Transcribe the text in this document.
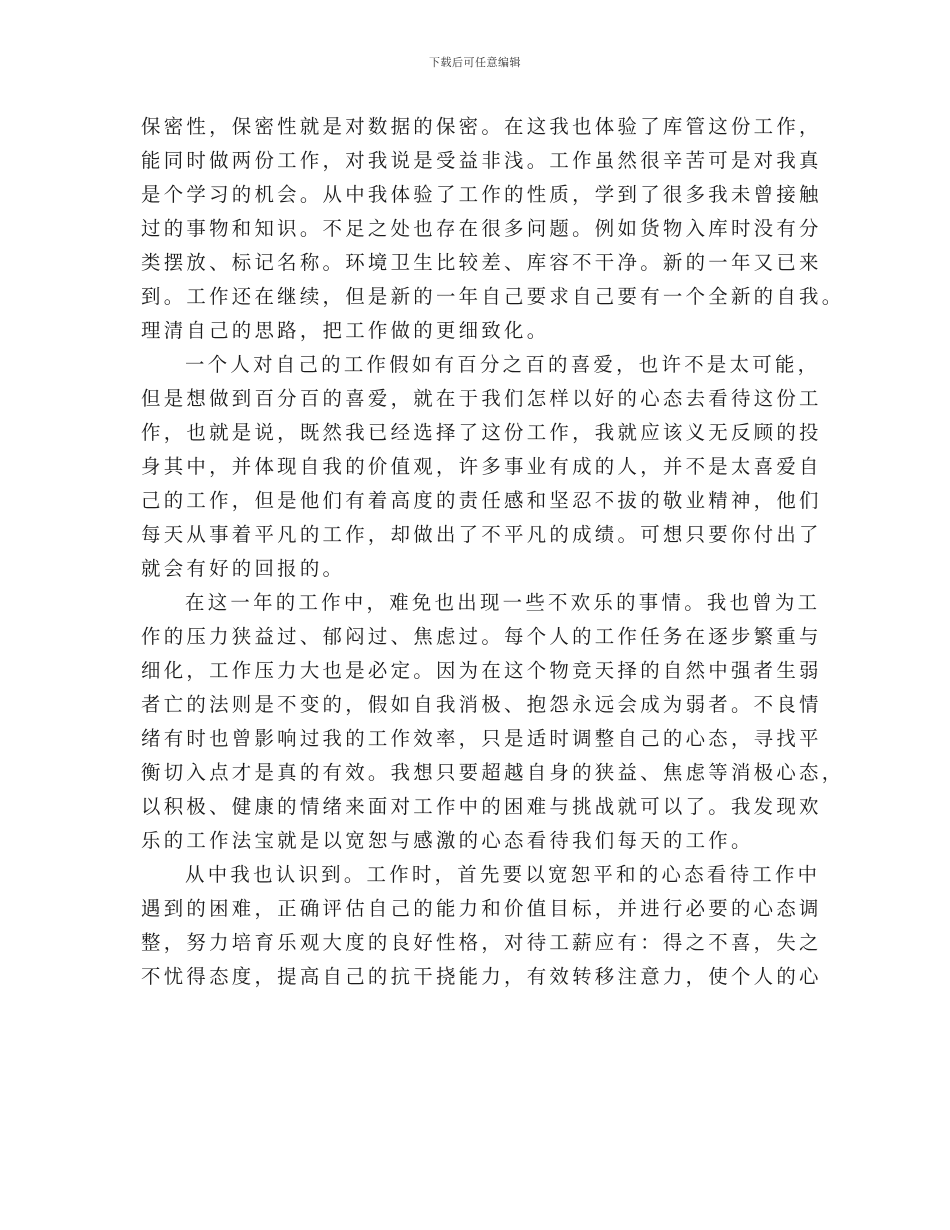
下载后可任意编辑
保密性，保密性就是对数据的保密。在这我也体验了库管这份工作，
能同时做两份工作，对我说是受益非浅。工作虽然很辛苦可是对我真
是个学习的机会。从中我体验了工作的性质，学到了很多我未曾接触
过的事物和知识。不足之处也存在很多问题。例如货物入库时没有分
类摆放、标记名称。环境卫生比较差、库容不干净。新的一年又已来
到。工作还在继续，但是新的一年自己要求自己要有一个全新的自我。
理清自己的思路，把工作做的更细致化。
一个人对自己的工作假如有百分之百的喜爱，也许不是太可能，
但是想做到百分百的喜爱，就在于我们怎样以好的心态去看待这份工
作，也就是说，既然我已经选择了这份工作，我就应该义无反顾的投
身其中，并体现自我的价值观，许多事业有成的人，并不是太喜爱自
己的工作，但是他们有着高度的责任感和坚忍不拔的敬业精神，他们
每天从事着平凡的工作，却做出了不平凡的成绩。可想只要你付出了
就会有好的回报的。
在这一年的工作中，难免也出现一些不欢乐的事情。我也曾为工
作的压力狭益过、郁闷过、焦虑过。每个人的工作任务在逐步繁重与
细化，工作压力大也是必定。因为在这个物竞天择的自然中强者生弱
者亡的法则是不变的，假如自我消极、抱怨永远会成为弱者。不良情
绪有时也曾影响过我的工作效率，只是适时调整自己的心态，寻找平
衡切入点才是真的有效。我想只要超越自身的狭益、焦虑等消极心态，
以积极、健康的情绪来面对工作中的困难与挑战就可以了。我发现欢
乐的工作法宝就是以宽恕与感激的心态看待我们每天的工作。
从中我也认识到。工作时，首先要以宽恕平和的心态看待工作中
遇到的困难，正确评估自己的能力和价值目标，并进行必要的心态调
整，努力培育乐观大度的良好性格，对待工薪应有：得之不喜，失之
不忧得态度，提高自己的抗干挠能力，有效转移注意力，使个人的心
